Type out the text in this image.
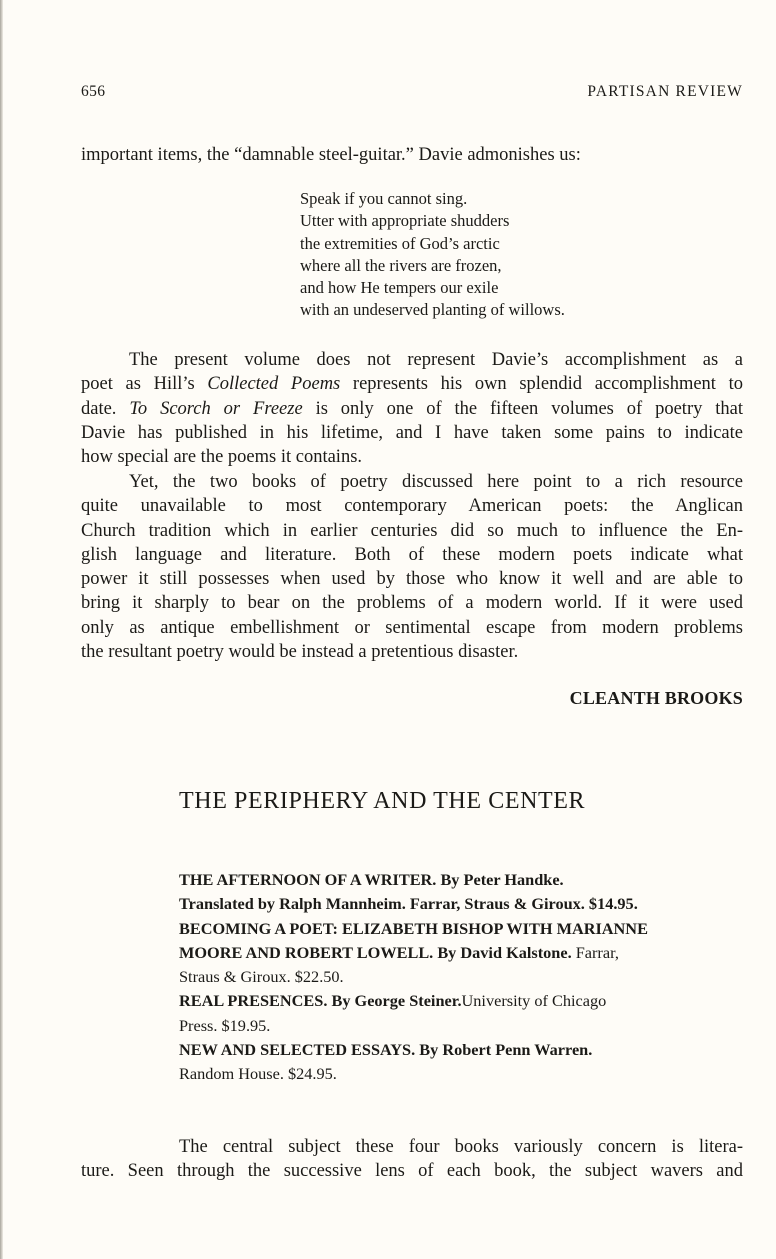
656	PARTISAN REVIEW
important items, the “damnable steel-guitar.” Davie admonishes us:
Speak if you cannot sing.
Utter with appropriate shudders
the extremities of God’s arctic
where all the rivers are frozen,
and how He tempers our exile
with an undeserved planting of willows.
The present volume does not represent Davie’s accomplishment as a
poet as Hill’s Collected Poems represents his own splendid accomplishment to
date. To Scorch or Freeze is only one of the fifteen volumes of poetry that
Davie has published in his lifetime, and I have taken some pains to indicate
how special are the poems it contains.
Yet, the two books of poetry discussed here point to a rich resource
quite unavailable to most contemporary American poets: the Anglican
Church tradition which in earlier centuries did so much to influence the En-
glish language and literature. Both of these modern poets indicate what
power it still possesses when used by those who know it well and are able to
bring it sharply to bear on the problems of a modern world. If it were used
only as antique embellishment or sentimental escape from modern problems
the resultant poetry would be instead a pretentious disaster.
CLEANTH BROOKS
THE PERIPHERY AND THE CENTER
THE AFTERNOON OF A WRITER. By Peter Handke.
Translated by Ralph Mannheim. Farrar, Straus & Giroux. $14.95.
BECOMING A POET: ELIZABETH BISHOP WITH MARIANNE
MOORE AND ROBERT LOWELL. By David Kalstone. Farrar,
Straus & Giroux. $22.50.
REAL PRESENCES. By George Steiner.University of Chicago
Press. $19.95.
NEW AND SELECTED ESSAYS. By Robert Penn Warren.
Random House. $24.95.
The central subject these four books variously concern is litera-
ture. Seen through the successive lens of each book, the subject wavers and
